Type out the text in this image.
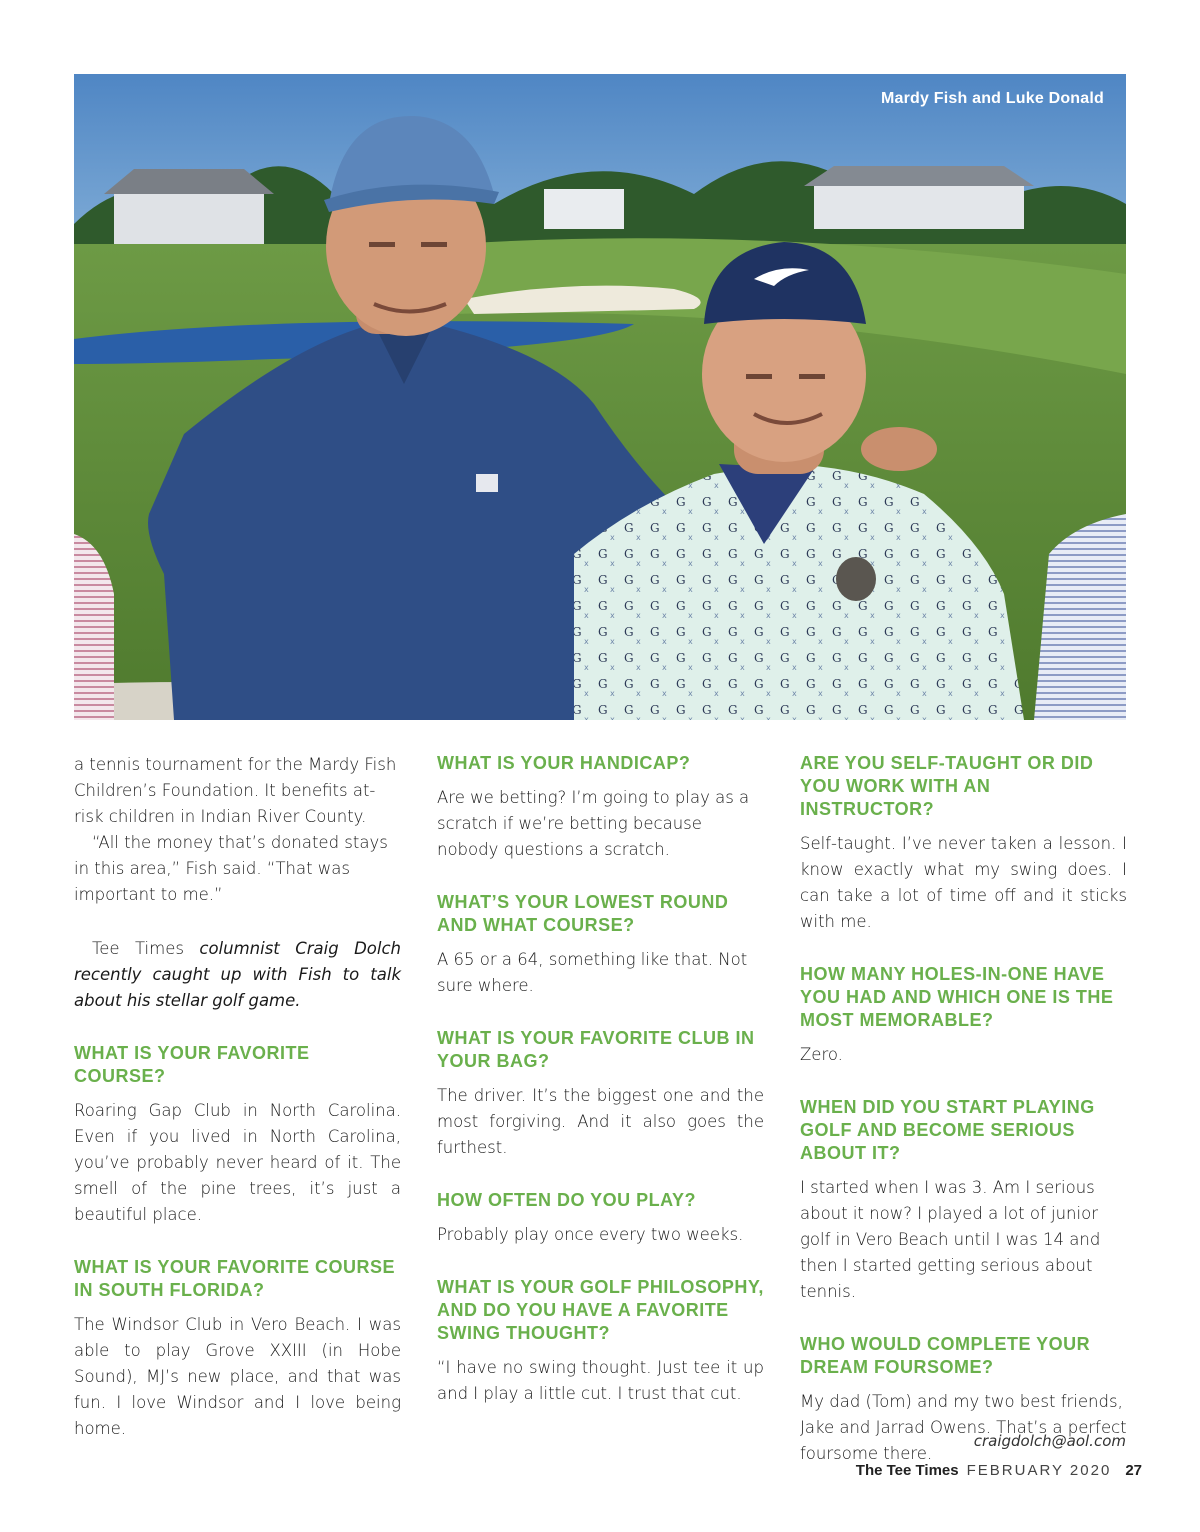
Mardy Fish and Luke Donald

a tennis tournament for the Mardy Fish Children’s Foundation. It benefits at-risk children in Indian River County.

“All the money that’s donated stays in this area,” Fish said. “That was important to me.”

Tee Times columnist Craig Dolch recently caught up with Fish to talk about his stellar golf game.

WHAT IS YOUR FAVORITE COURSE?

Roaring Gap Club in North Carolina. Even if you lived in North Carolina, you’ve probably never heard of it. The smell of the pine trees, it’s just a beautiful place.

WHAT IS YOUR FAVORITE COURSE IN SOUTH FLORIDA?

The Windsor Club in Vero Beach. I was able to play Grove XXIII (in Hobe Sound), MJ’s new place, and that was fun. I love Windsor and I love being home.

WHAT IS YOUR HANDICAP?

Are we betting? I’m going to play as a scratch if we’re betting because nobody questions a scratch.

WHAT’S YOUR LOWEST ROUND AND WHAT COURSE?

A 65 or a 64, something like that. Not sure where.

WHAT IS YOUR FAVORITE CLUB IN YOUR BAG?

The driver. It’s the biggest one and the most forgiving. And it also goes the furthest.

HOW OFTEN DO YOU PLAY?

Probably play once every two weeks.

WHAT IS YOUR GOLF PHILOSOPHY, AND DO YOU HAVE A FAVORITE SWING THOUGHT?

“I have no swing thought. Just tee it up and I play a little cut. I trust that cut.

ARE YOU SELF-TAUGHT OR DID YOU WORK WITH AN INSTRUCTOR?

Self-taught. I’ve never taken a lesson. I know exactly what my swing does. I can take a lot of time off and it sticks with me.

HOW MANY HOLES-IN-ONE HAVE YOU HAD AND WHICH ONE IS THE MOST MEMORABLE?

Zero.

WHEN DID YOU START PLAYING GOLF AND BECOME SERIOUS ABOUT IT?

I started when I was 3. Am I serious about it now? I played a lot of junior golf in Vero Beach until I was 14 and then I started getting serious about tennis.

WHO WOULD COMPLETE YOUR DREAM FOURSOME?

My dad (Tom) and my two best friends, Jake and Jarrad Owens. That’s a perfect foursome there.

craigdolch@aol.com
The Tee Times FEBRUARY 2020 27
